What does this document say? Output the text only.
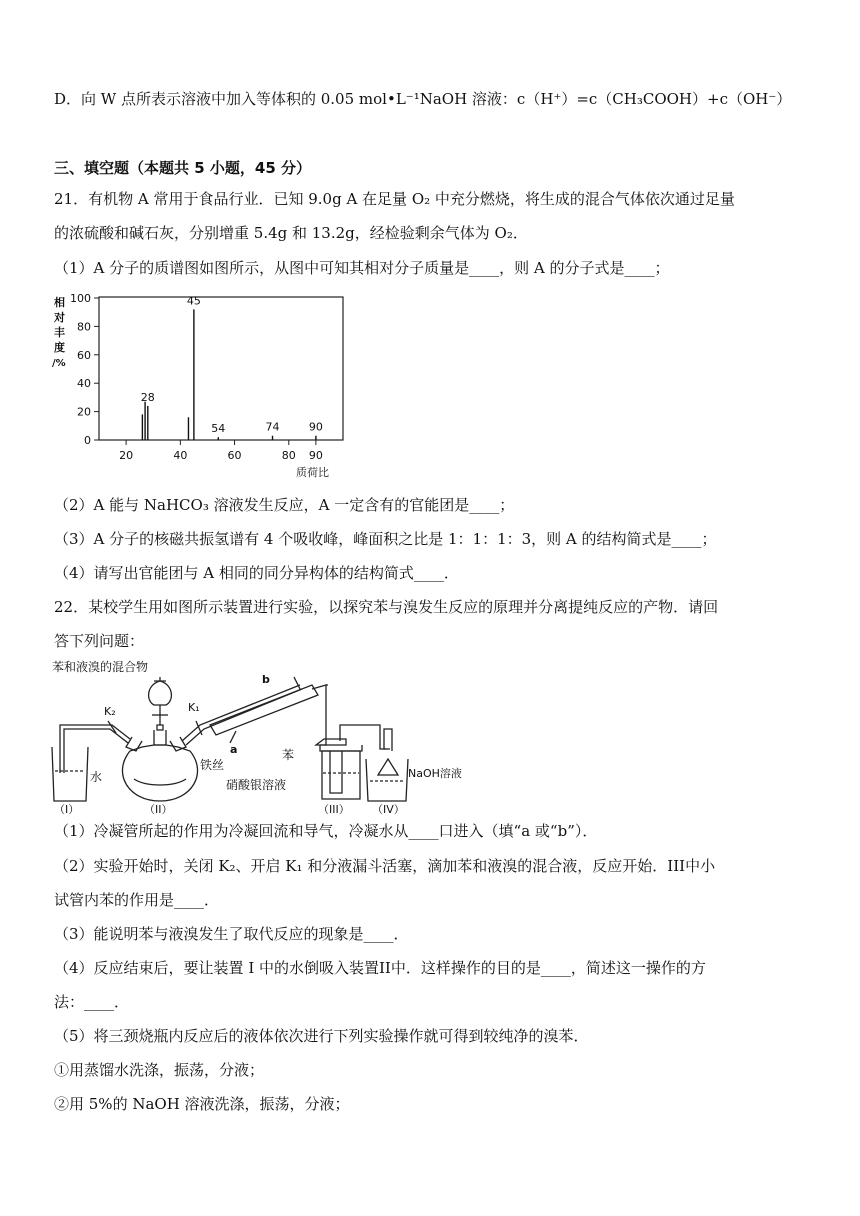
D．向 W 点所表示溶液中加入等体积的 0.05 mol•L⁻¹NaOH 溶液：c（H⁺）=c（CH₃COOH）+c（OH⁻）
三、填空题（本题共 5 小题，45 分）
21．有机物 A 常用于食品行业．已知 9.0g A 在足量 O₂ 中充分燃烧，将生成的混合气体依次通过足量
的浓硫酸和碱石灰，分别增重 5.4g 和 13.2g，经检验剩余气体为 O₂．
（1）A 分子的质谱图如图所示，从图中可知其相对分子质量是____，则 A 的分子式是____；
相
对
丰
度
/%
0
20
40
60
80
100
20	40	60	80 90
28
45
54	74	90
质荷比
（2）A 能与 NaHCO₃ 溶液发生反应，A 一定含有的官能团是____；
（3）A 分子的核磁共振氢谱有 4 个吸收峰，峰面积之比是 1：1：1：3，则 A 的结构简式是____；
（4）请写出官能团与 A 相同的同分异构体的结构简式____．
22．某校学生用如图所示装置进行实验，以探究苯与溴发生反应的原理并分离提纯反应的产物．请回
答下列问题：
苯和液溴的混合物
K₂
水
K₁
a
b
铁丝
苯
硝酸银溶液
NaOH溶液
（I）	（II）	（III） （IV）
（1）冷凝管所起的作用为冷凝回流和导气，冷凝水从____口进入（填“a 或“b”）．
（2）实验开始时，关闭 K₂、开启 K₁ 和分液漏斗活塞，滴加苯和液溴的混合液，反应开始．III中小
试管内苯的作用是____．
（3）能说明苯与液溴发生了取代反应的现象是____．
（4）反应结束后，要让装置 I 中的水倒吸入装置II中．这样操作的目的是____，简述这一操作的方
法：____．
（5）将三颈烧瓶内反应后的液体依次进行下列实验操作就可得到较纯净的溴苯．
①用蒸馏水洗涤，振荡，分液；
②用 5%的 NaOH 溶液洗涤，振荡，分液；
